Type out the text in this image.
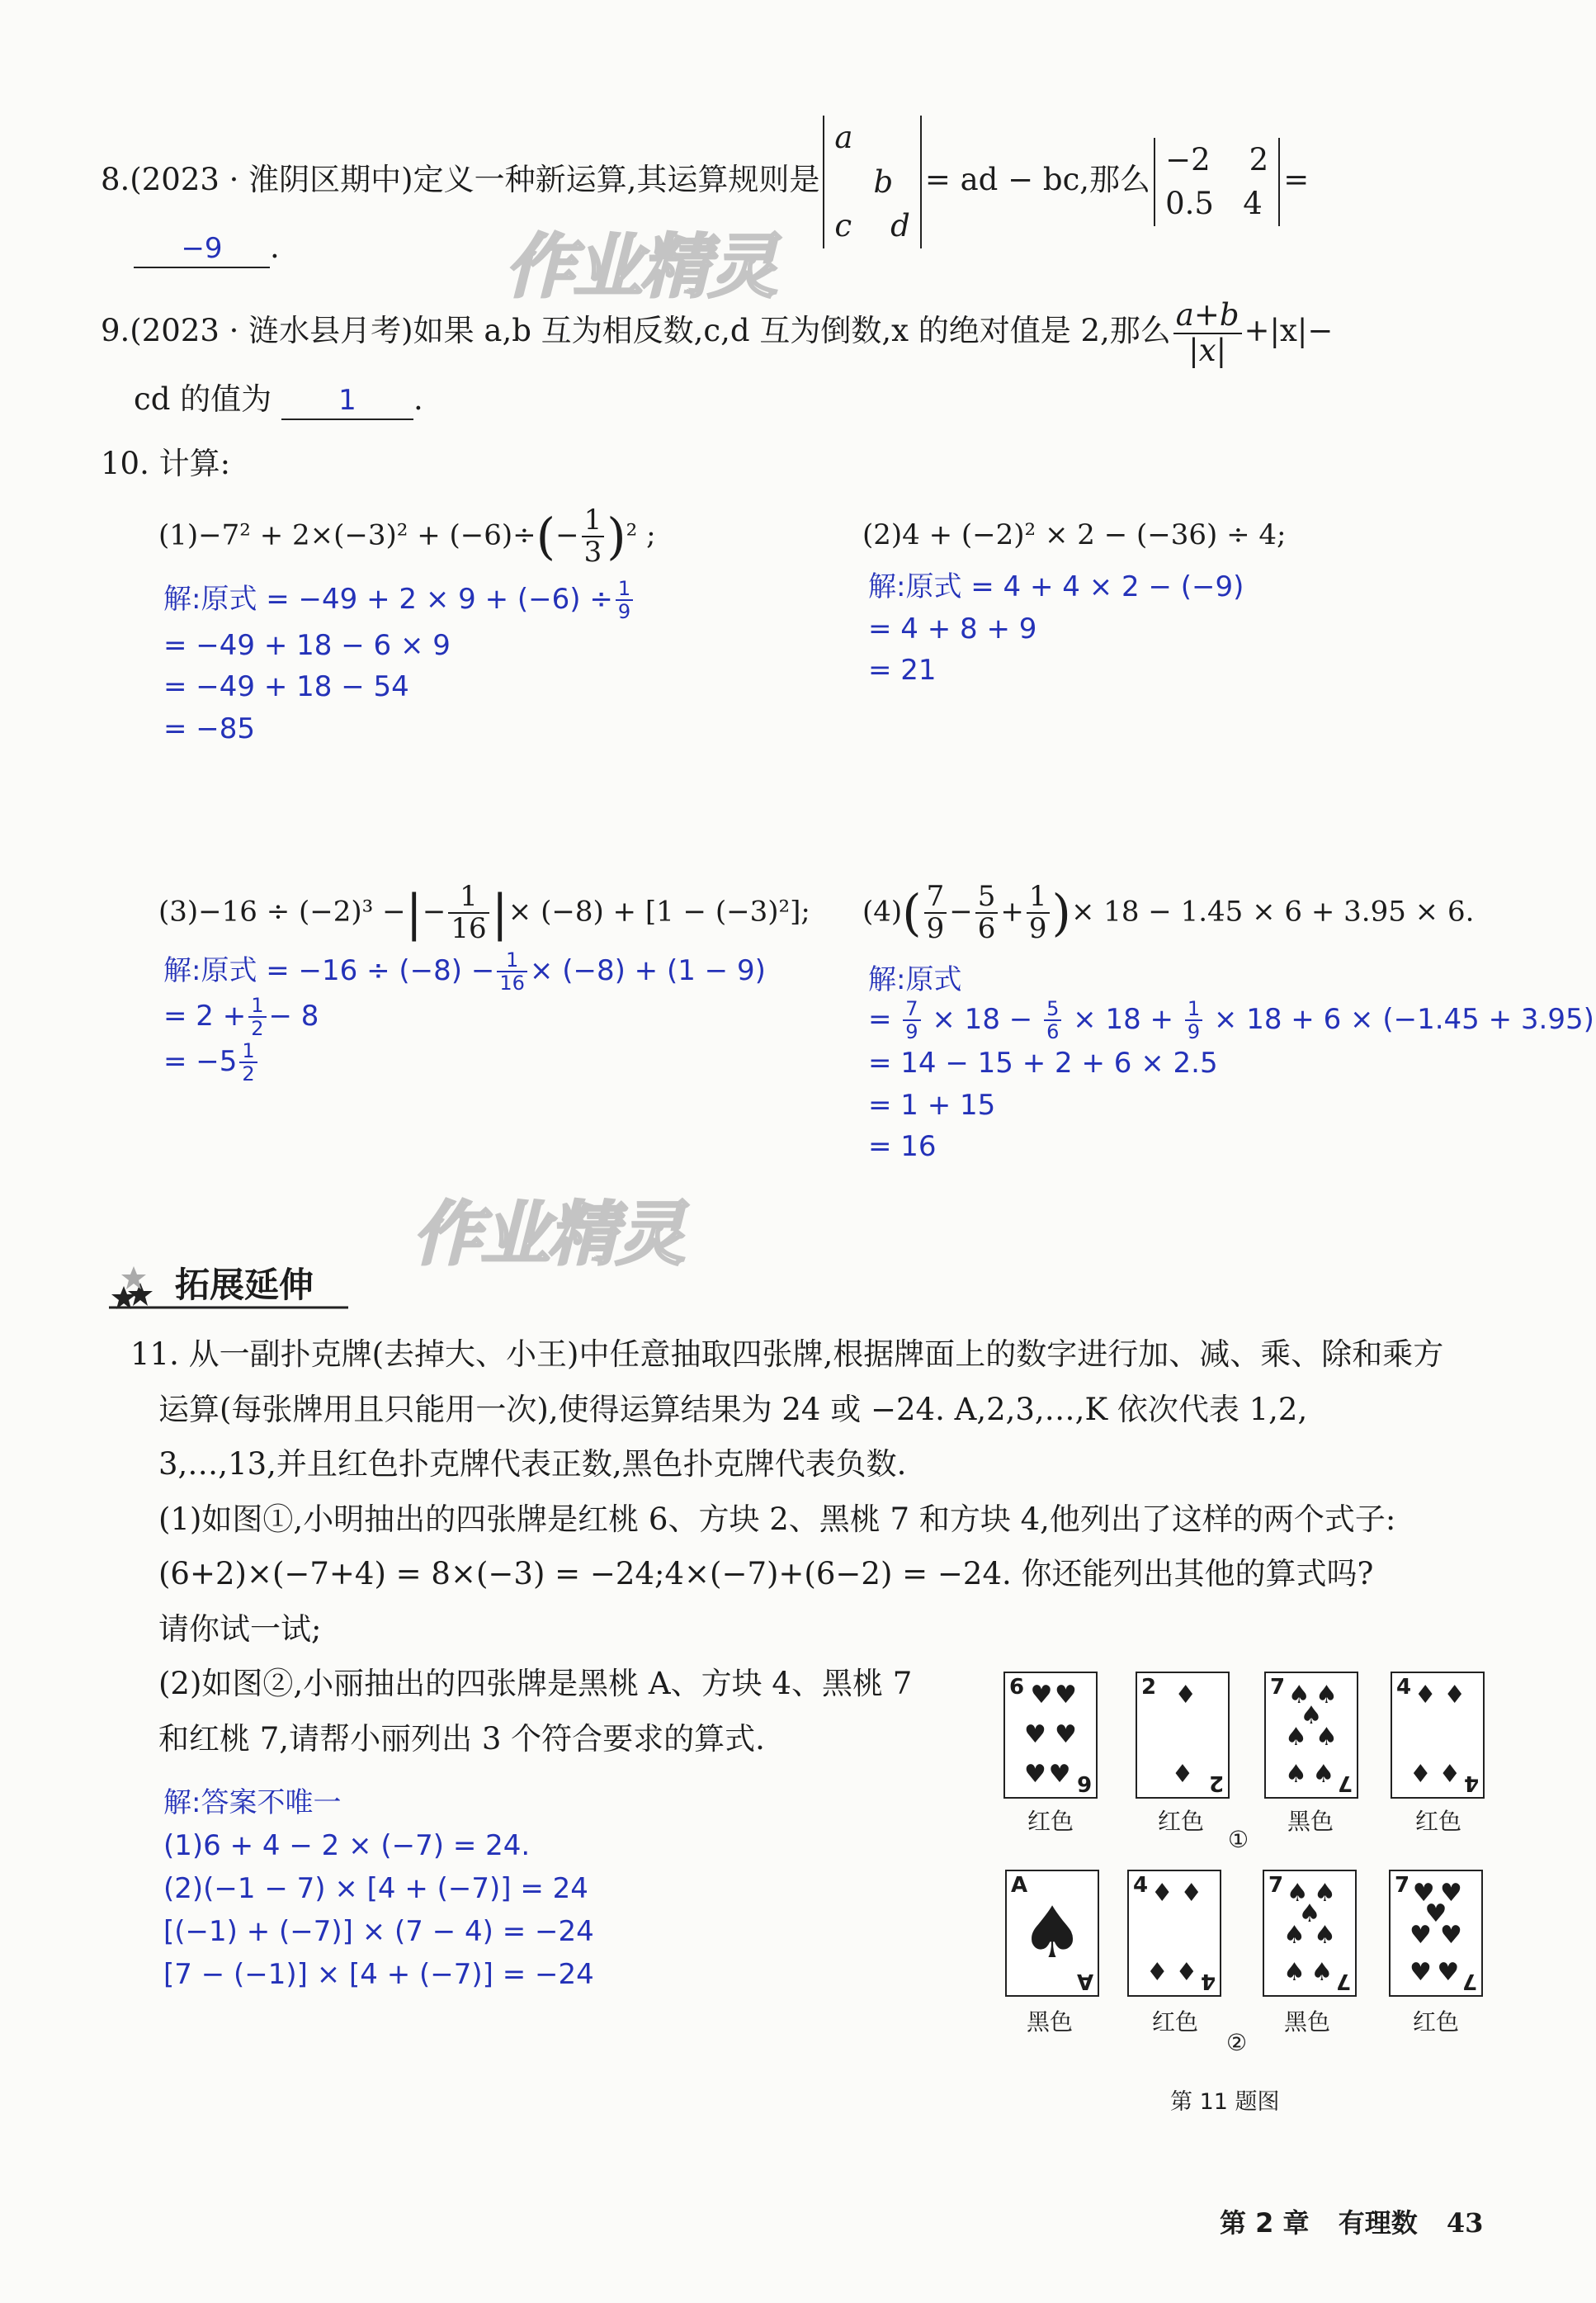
作业精灵
作业精灵
8.(2023 · 淮阴区期中)定义一种新运算,其运算规则是
a
b
c d
= ad − bc,那么
−2 2
0.5 4
=
−9 .
9.(2023 · 涟水县月考)如果 a,b 互为相反数,c,d 互为倒数,x 的绝对值是 2,那么 $\frac{a+b}{|x|} +|x|-$
cd 的值为 1 .
10. 计算:
$(1)-7^2 + 2\times(-3)^2 + (-6)\div(- \frac{1}{3} )^2$ ;
解:原式 = $-49 + 2 \times 9 + (-6) \div \frac{1}{9}$
= −49 + 18 − 6 × 9
= −49 + 18 − 54
= −85
(2)4 + (−2)² × 2 − (−36) ÷ 4;
解:原式 = 4 + 4 × 2 − (−9)
= 4 + 8 + 9
= 21
(3)−16 ÷ (−2)³ −|− $\frac{1}{16}$ |× (−8) + [1 − (−3)²];
解:原式 = $-16 \div (-8) - \frac{1}{16} \times (-8) + (1 - 9)$
= $2 + \frac{1}{2} - 8$
= $-5 \frac{1}{2}$
$(4)( \frac{7}{9} - \frac{5}{6} + \frac{1}{9}$ )× 18 − 1.45 × 6 + 3.95 × 6.
解:原式
= $\frac{7}{9} \times 18 - \frac{5}{6} \times 18 + \frac{1}{9} \times 18 + 6 \times (-1.45 + 3.95)$
= 14 − 15 + 2 + 6 × 2.5
= 1 + 15
= 16
拓展延伸
11. 从一副扑克牌(去掉大、小王)中任意抽取四张牌,根据牌面上的数字进行加、减、乘、除和乘方
运算(每张牌用且只能用一次),使得运算结果为 24 或 −24. A,2,3,…,K 依次代表 1,2,
3,…,13,并且红色扑克牌代表正数,黑色扑克牌代表负数.
(1)如图①,小明抽出的四张牌是红桃 6、方块 2、黑桃 7 和方块 4,他列出了这样的两个式子:
(6+2)×(−7+4) = 8×(−3) = −24;4×(−7)+(6−2) = −24. 你还能列出其他的算式吗?
请你试一试;
(2)如图②,小丽抽出的四张牌是黑桃 A、方块 4、黑桃 7
和红桃 7,请帮小丽列出 3 个符合要求的算式.
解:答案不唯一
(1)6 + 4 − 2 × (−7) = 24.
(2)(−1 − 7) × [4 + (−7)] = 24
[(−1) + (−7)] × (7 − 4) = −24
[7 − (−1)] × [4 + (−7)] = −24
6
6
♥ ♥
♥ ♥
♥ ♥
红色
2
2
♦
♦
红色
7
7
♠ ♠
♠
♠ ♠
♠ ♠
黑色
4
4
♦ ♦
♦ ♦
红色
①
A
A
♠
黑色
4
4
♦ ♦
♦ ♦
红色
7
7
♠ ♠
♠
♠ ♠
♠ ♠
黑色
7
7
♥ ♥
♥
♥ ♥
♥ ♥
红色
②
第 11 题图
第 2 章 有理数 43
